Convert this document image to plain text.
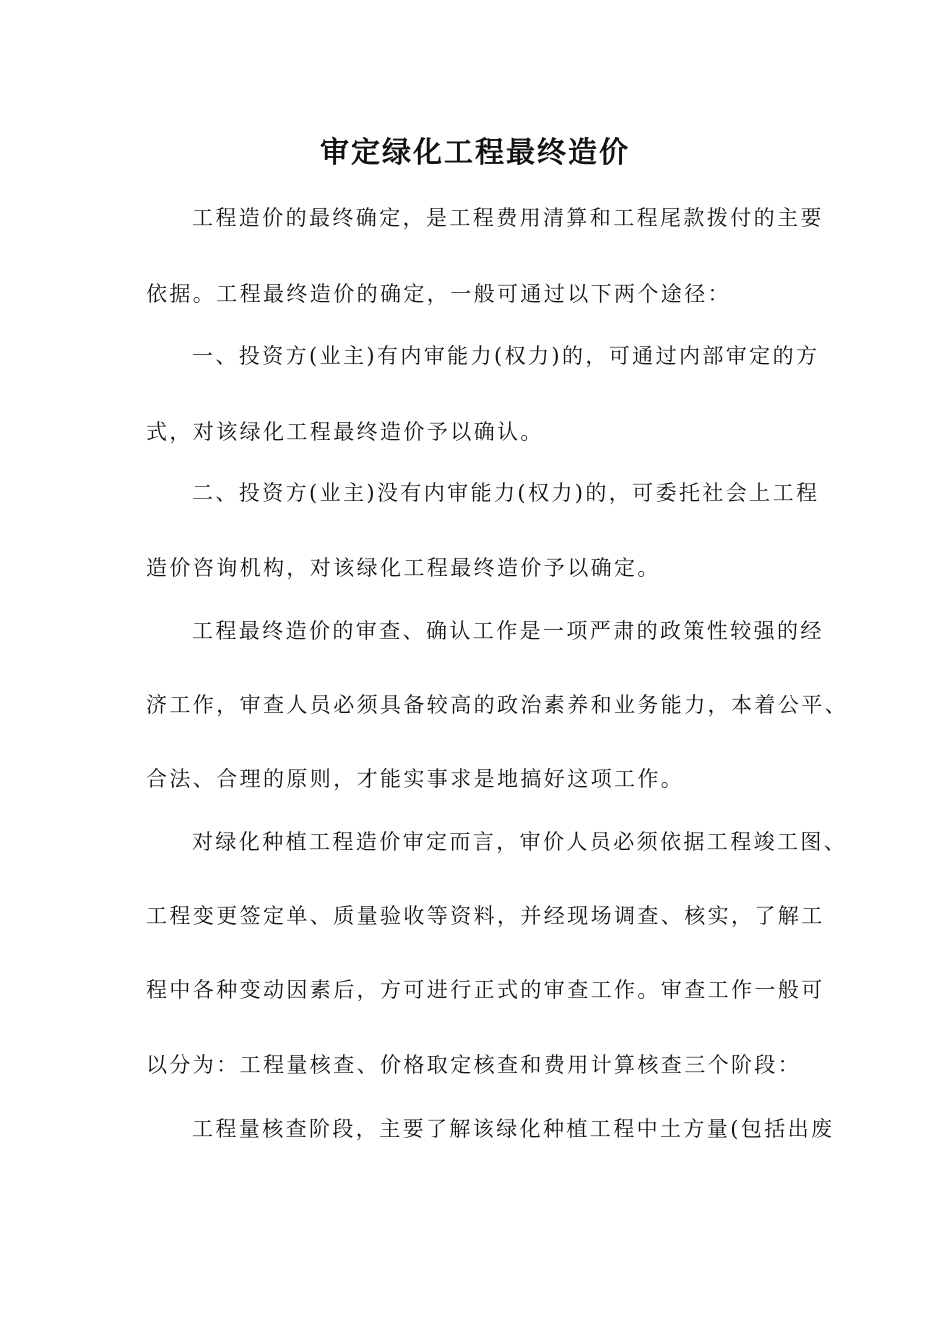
审定绿化工程最终造价
工程造价的最终确定，是工程费用清算和工程尾款拨付的主要
依据。工程最终造价的确定，一般可通过以下两个途径：
一、投资方(业主)有内审能力(权力)的，可通过内部审定的方
式，对该绿化工程最终造价予以确认。
二、投资方(业主)没有内审能力(权力)的，可委托社会上工程
造价咨询机构，对该绿化工程最终造价予以确定。
工程最终造价的审查、确认工作是一项严肃的政策性较强的经
济工作，审查人员必须具备较高的政治素养和业务能力，本着公平、
合法、合理的原则，才能实事求是地搞好这项工作。
对绿化种植工程造价审定而言，审价人员必须依据工程竣工图、
工程变更签定单、质量验收等资料，并经现场调查、核实，了解工
程中各种变动因素后，方可进行正式的审查工作。审查工作一般可
以分为：工程量核查、价格取定核查和费用计算核查三个阶段：
工程量核查阶段，主要了解该绿化种植工程中土方量(包括出废
